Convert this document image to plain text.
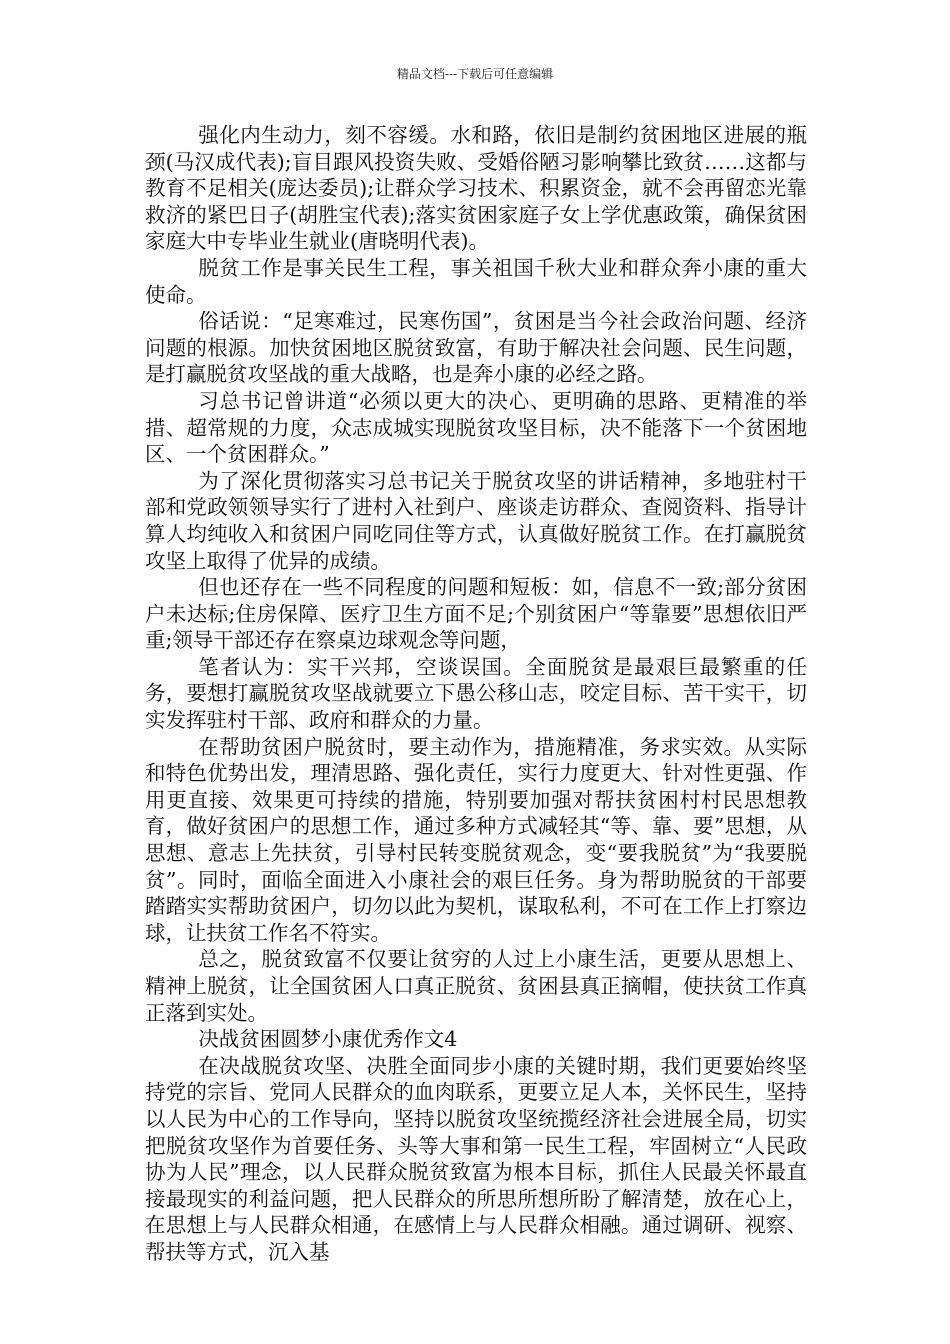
精品文档---下载后可任意编辑

强化内生动力，刻不容缓。水和路，依旧是制约贫困地区进展的瓶颈(马汉成代表);盲目跟风投资失败、受婚俗陋习影响攀比致贫……这都与教育不足相关(庞达委员);让群众学习技术、积累资金，就不会再留恋光靠救济的紧巴日子(胡胜宝代表);落实贫困家庭子女上学优惠政策，确保贫困家庭大中专毕业生就业(唐晓明代表)。

脱贫工作是事关民生工程，事关祖国千秋大业和群众奔小康的重大使命。

俗话说：“足寒难过，民寒伤国”，贫困是当今社会政治问题、经济问题的根源。加快贫困地区脱贫致富，有助于解决社会问题、民生问题，是打赢脱贫攻坚战的重大战略，也是奔小康的必经之路。

习总书记曾讲道“必须以更大的决心、更明确的思路、更精准的举措、超常规的力度，众志成城实现脱贫攻坚目标，决不能落下一个贫困地区、一个贫困群众。”

为了深化贯彻落实习总书记关于脱贫攻坚的讲话精神，多地驻村干部和党政领领导实行了进村入社到户、座谈走访群众、查阅资料、指导计算人均纯收入和贫困户同吃同住等方式，认真做好脱贫工作。在打赢脱贫攻坚上取得了优异的成绩。

但也还存在一些不同程度的问题和短板：如，信息不一致;部分贫困户未达标;住房保障、医疗卫生方面不足;个别贫困户“等靠要”思想依旧严重;领导干部还存在察桌边球观念等问题，

笔者认为：实干兴邦，空谈误国。全面脱贫是最艰巨最繁重的任务，要想打赢脱贫攻坚战就要立下愚公移山志，咬定目标、苦干实干，切实发挥驻村干部、政府和群众的力量。

在帮助贫困户脱贫时，要主动作为，措施精准，务求实效。从实际和特色优势出发，理清思路、强化责任，实行力度更大、针对性更强、作用更直接、效果更可持续的措施，特别要加强对帮扶贫困村村民思想教育，做好贫困户的思想工作，通过多种方式减轻其“等、靠、要”思想，从思想、意志上先扶贫，引导村民转变脱贫观念，变“要我脱贫”为“我要脱贫”。同时，面临全面进入小康社会的艰巨任务。身为帮助脱贫的干部要踏踏实实帮助贫困户，切勿以此为契机，谋取私利，不可在工作上打察边球，让扶贫工作名不符实。

总之，脱贫致富不仅要让贫穷的人过上小康生活，更要从思想上、精神上脱贫，让全国贫困人口真正脱贫、贫困县真正摘帽，使扶贫工作真正落到实处。

决战贫困圆梦小康优秀作文4

在决战脱贫攻坚、决胜全面同步小康的关键时期，我们更要始终坚持党的宗旨、党同人民群众的血肉联系，更要立足人本，关怀民生，坚持以人民为中心的工作导向，坚持以脱贫攻坚统揽经济社会进展全局，切实把脱贫攻坚作为首要任务、头等大事和第一民生工程，牢固树立“人民政协为人民”理念，以人民群众脱贫致富为根本目标，抓住人民最关怀最直接最现实的利益问题，把人民群众的所思所想所盼了解清楚，放在心上，在思想上与人民群众相通，在感情上与人民群众相融。通过调研、视察、帮扶等方式，沉入基
